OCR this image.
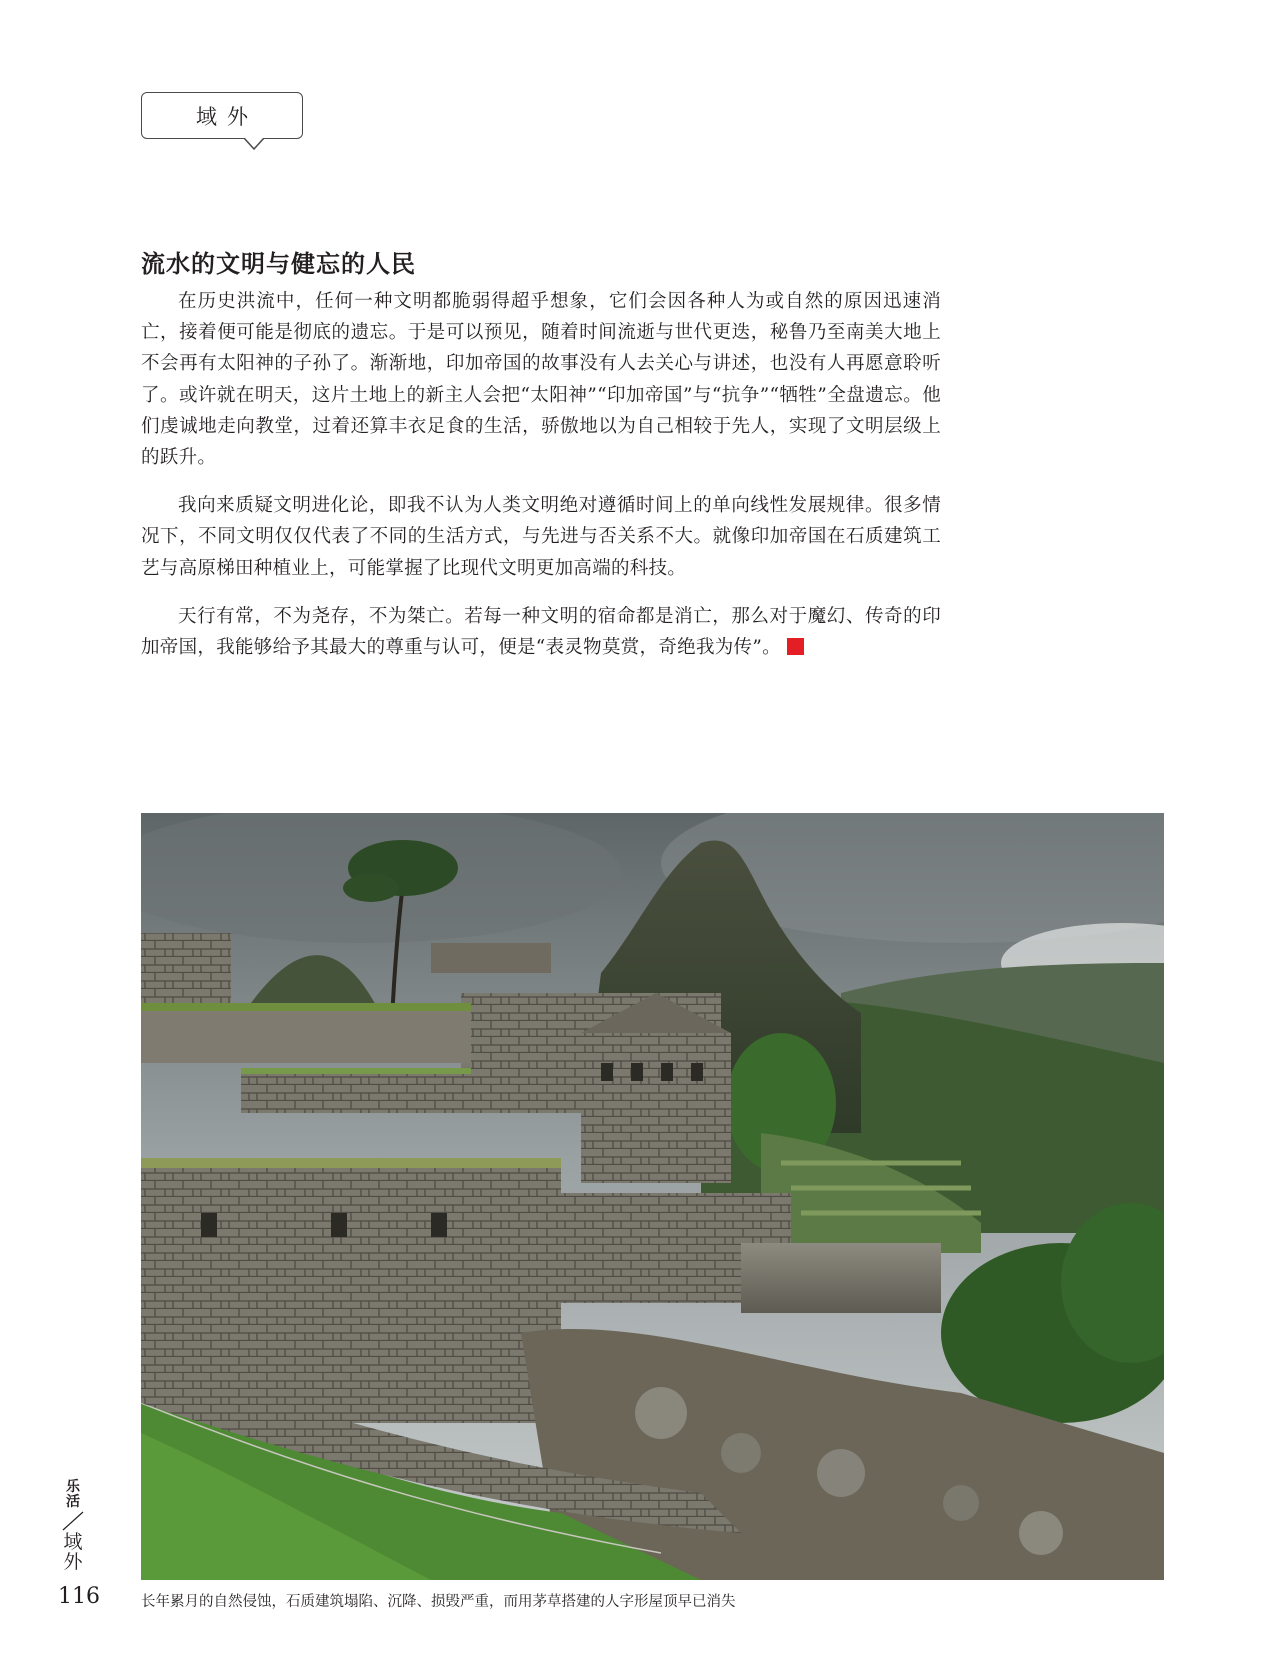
域外
流水的文明与健忘的人民

在历史洪流中，任何一种文明都脆弱得超乎想象，它们会因各种人为或自然的原因迅速消亡，接着便可能是彻底的遗忘。于是可以预见，随着时间流逝与世代更迭，秘鲁乃至南美大地上不会再有太阳神的子孙了。渐渐地，印加帝国的故事没有人去关心与讲述，也没有人再愿意聆听了。或许就在明天，这片土地上的新主人会把“太阳神”“印加帝国”与“抗争”“牺牲”全盘遗忘。他们虔诚地走向教堂，过着还算丰衣足食的生活，骄傲地以为自己相较于先人，实现了文明层级上的跃升。

我向来质疑文明进化论，即我不认为人类文明绝对遵循时间上的单向线性发展规律。很多情况下，不同文明仅仅代表了不同的生活方式，与先进与否关系不大。就像印加帝国在石质建筑工艺与高原梯田种植业上，可能掌握了比现代文明更加高端的科技。

天行有常，不为尧存，不为桀亡。若每一种文明的宿命都是消亡，那么对于魔幻、传奇的印加帝国，我能够给予其最大的尊重与认可，便是“表灵物莫赏，奇绝我为传”。

长年累月的自然侵蚀，石质建筑塌陷、沉降、损毁严重，而用茅草搭建的人字形屋顶早已消失

乐活
域外

116
